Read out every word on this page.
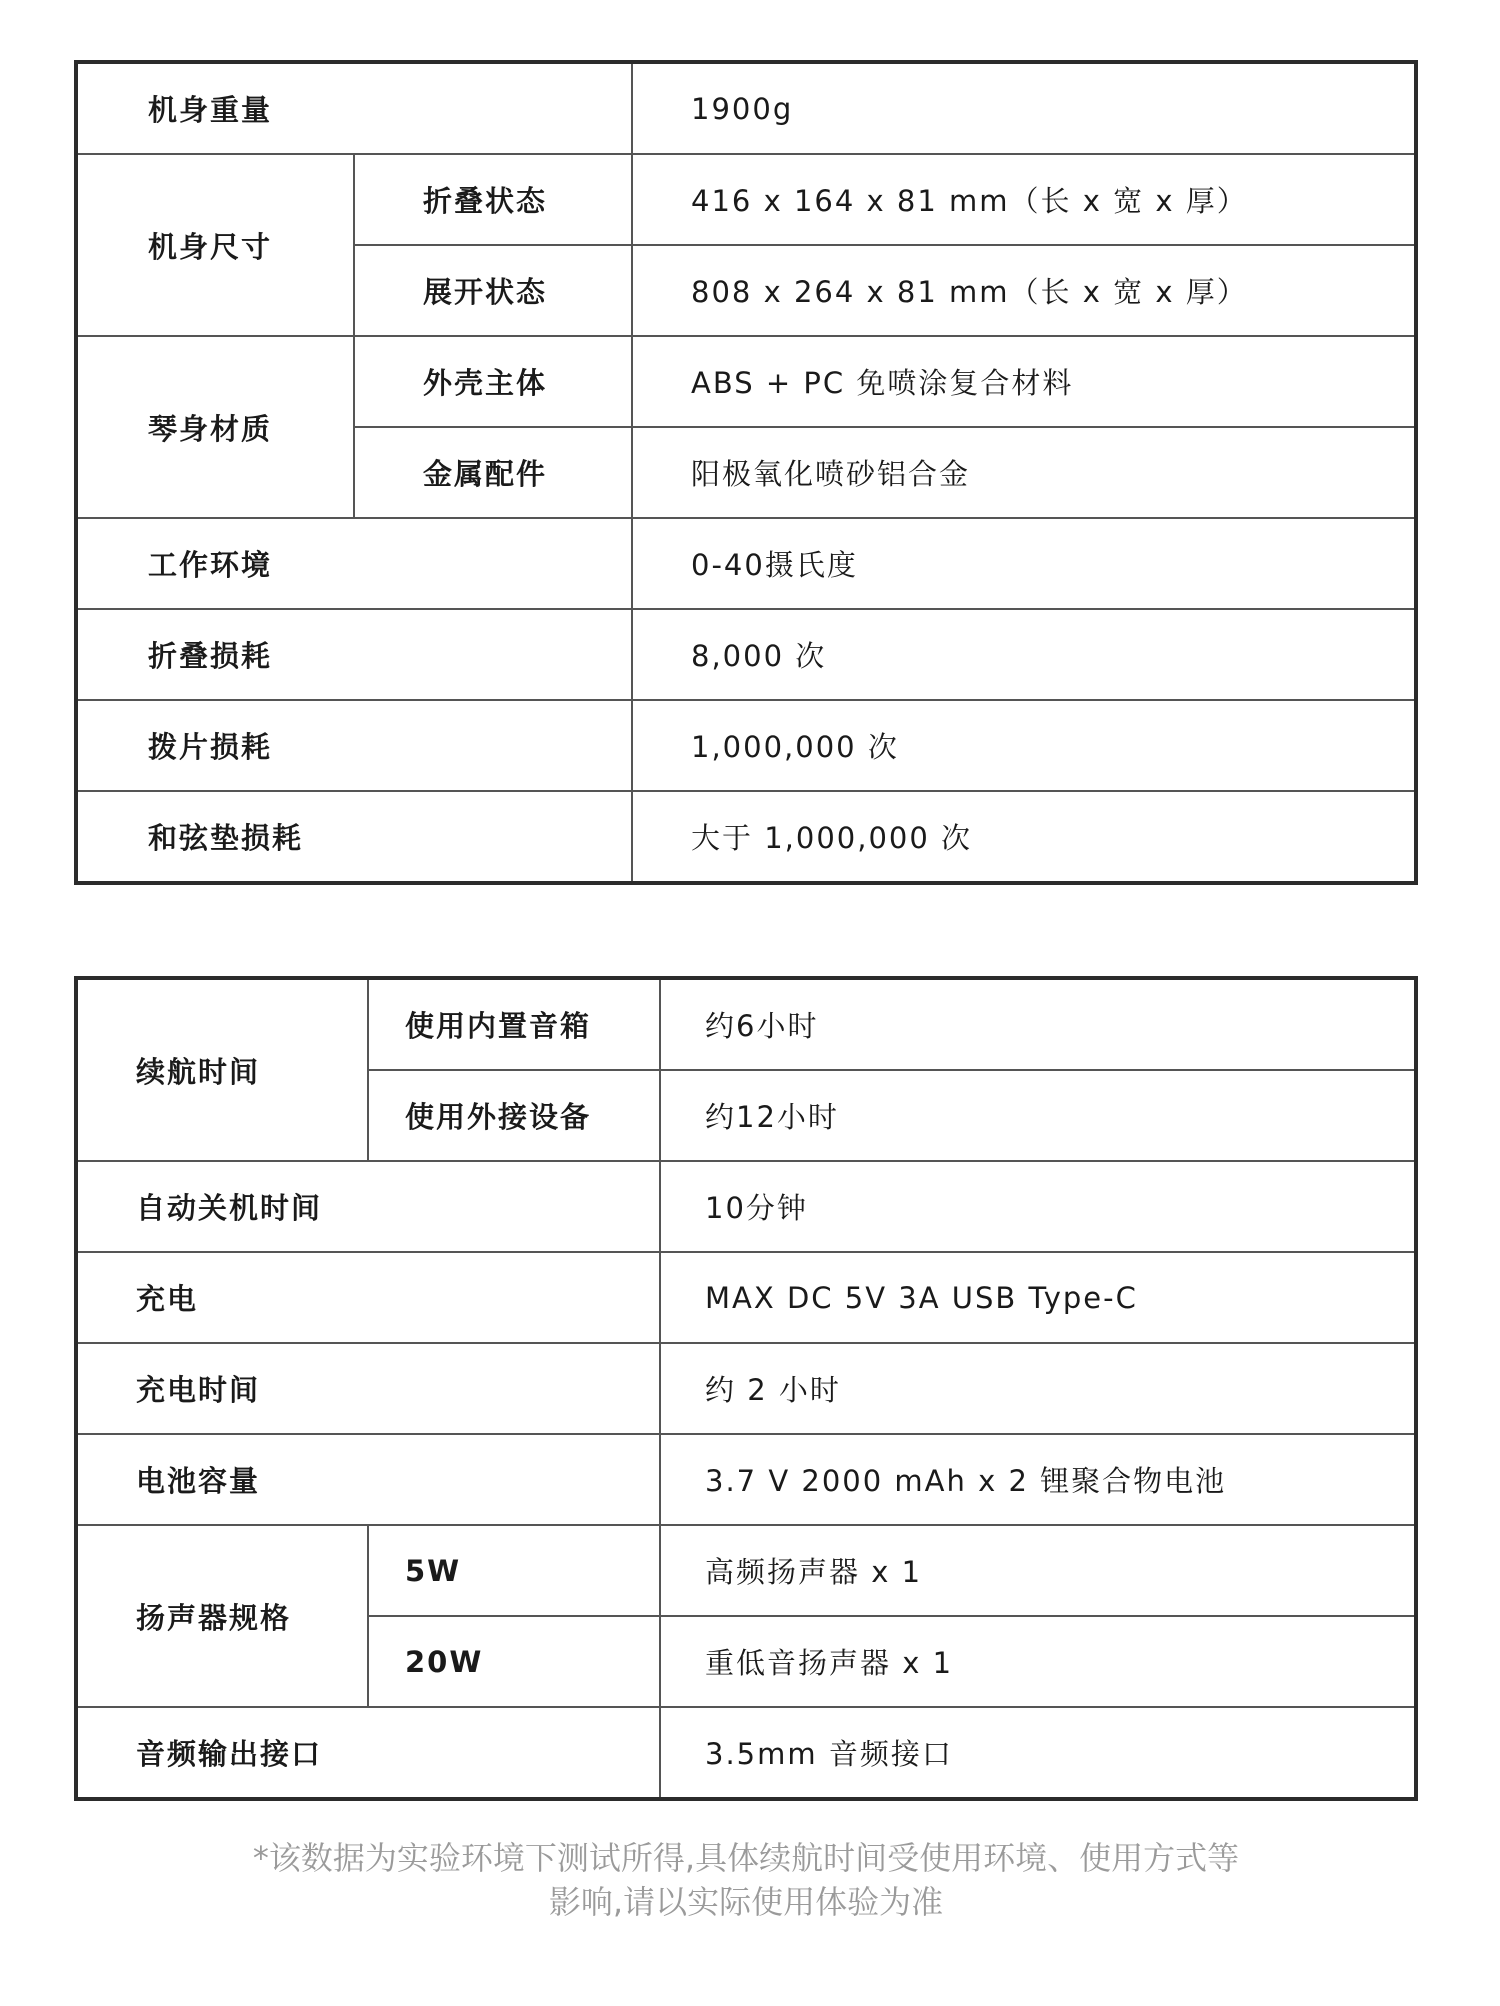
机身重量		1900g
机身尺寸	折叠状态	416 x 164 x 81 mm（长 x 宽 x 厚）
	展开状态	808 x 264 x 81 mm（长 x 宽 x 厚）
琴身材质	外壳主体	ABS + PC 免喷涂复合材料
	金属配件	阳极氧化喷砂铝合金
工作环境		0-40摄氏度
折叠损耗		8,000 次
拨片损耗		1,000,000 次
和弦垫损耗		大于 1,000,000 次
续航时间	使用内置音箱	约6小时
	使用外接设备	约12小时
自动关机时间		10分钟
充电		MAX DC 5V 3A USB Type-C
充电时间		约 2 小时
电池容量		3.7 V 2000 mAh x 2 锂聚合物电池
扬声器规格	5W	高频扬声器 x 1
	20W	重低音扬声器 x 1
音频输出接口		3.5mm 音频接口
*该数据为实验环境下测试所得,具体续航时间受使用环境、使用方式等
影响,请以实际使用体验为准
